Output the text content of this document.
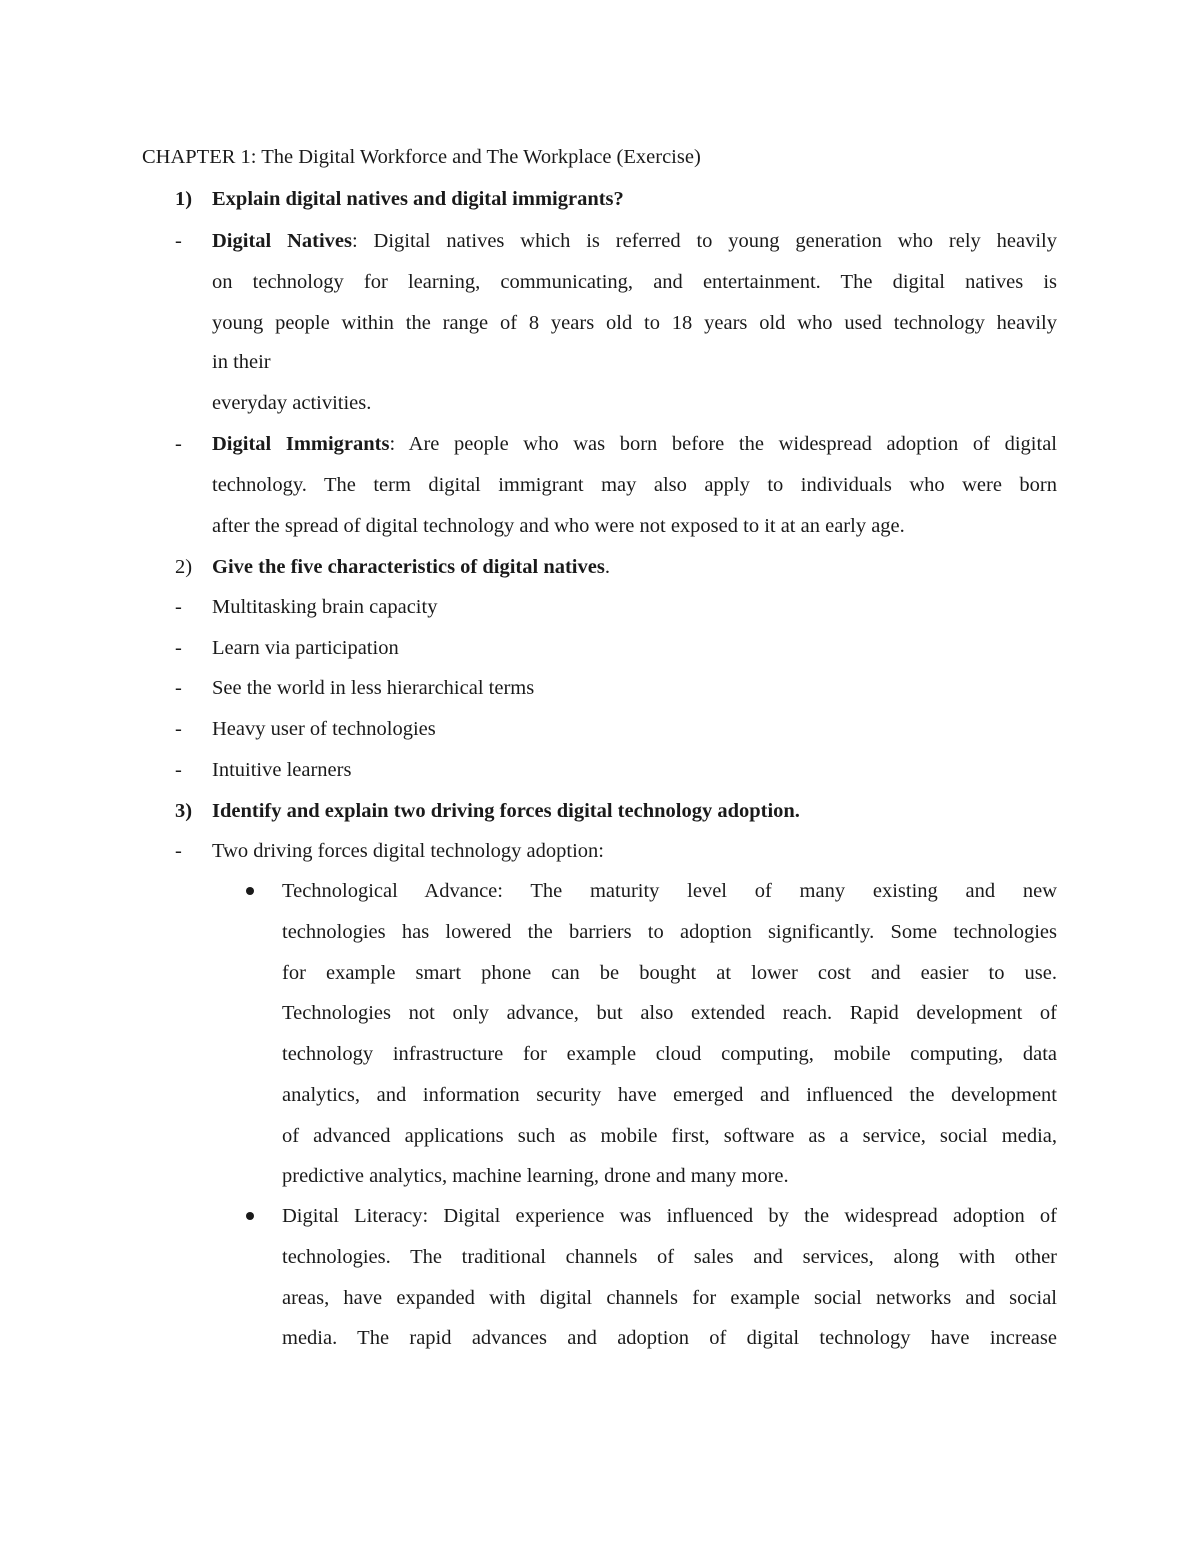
CHAPTER 1: The Digital Workforce and The Workplace (Exercise)
1) Explain digital natives and digital immigrants?
- Digital Natives: Digital natives which is referred to young generation who rely heavily
on technology for learning, communicating, and entertainment. The digital natives is
young people within the range of 8 years old to 18 years old who used technology heavily
in their
everyday activities.
- Digital Immigrants: Are people who was born before the widespread adoption of digital
technology. The term digital immigrant may also apply to individuals who were born
after the spread of digital technology and who were not exposed to it at an early age.
2) Give the five characteristics of digital natives.
- Multitasking brain capacity
- Learn via participation
- See the world in less hierarchical terms
- Heavy user of technologies
- Intuitive learners
3) Identify and explain two driving forces digital technology adoption.
- Two driving forces digital technology adoption:
Technological Advance: The maturity level of many existing and new
technologies has lowered the barriers to adoption significantly. Some technologies
for example smart phone can be bought at lower cost and easier to use.
Technologies not only advance, but also extended reach. Rapid development of
technology infrastructure for example cloud computing, mobile computing, data
analytics, and information security have emerged and influenced the development
of advanced applications such as mobile first, software as a service, social media,
predictive analytics, machine learning, drone and many more.
Digital Literacy: Digital experience was influenced by the widespread adoption of
technologies. The traditional channels of sales and services, along with other
areas, have expanded with digital channels for example social networks and social
media. The rapid advances and adoption of digital technology have increase
